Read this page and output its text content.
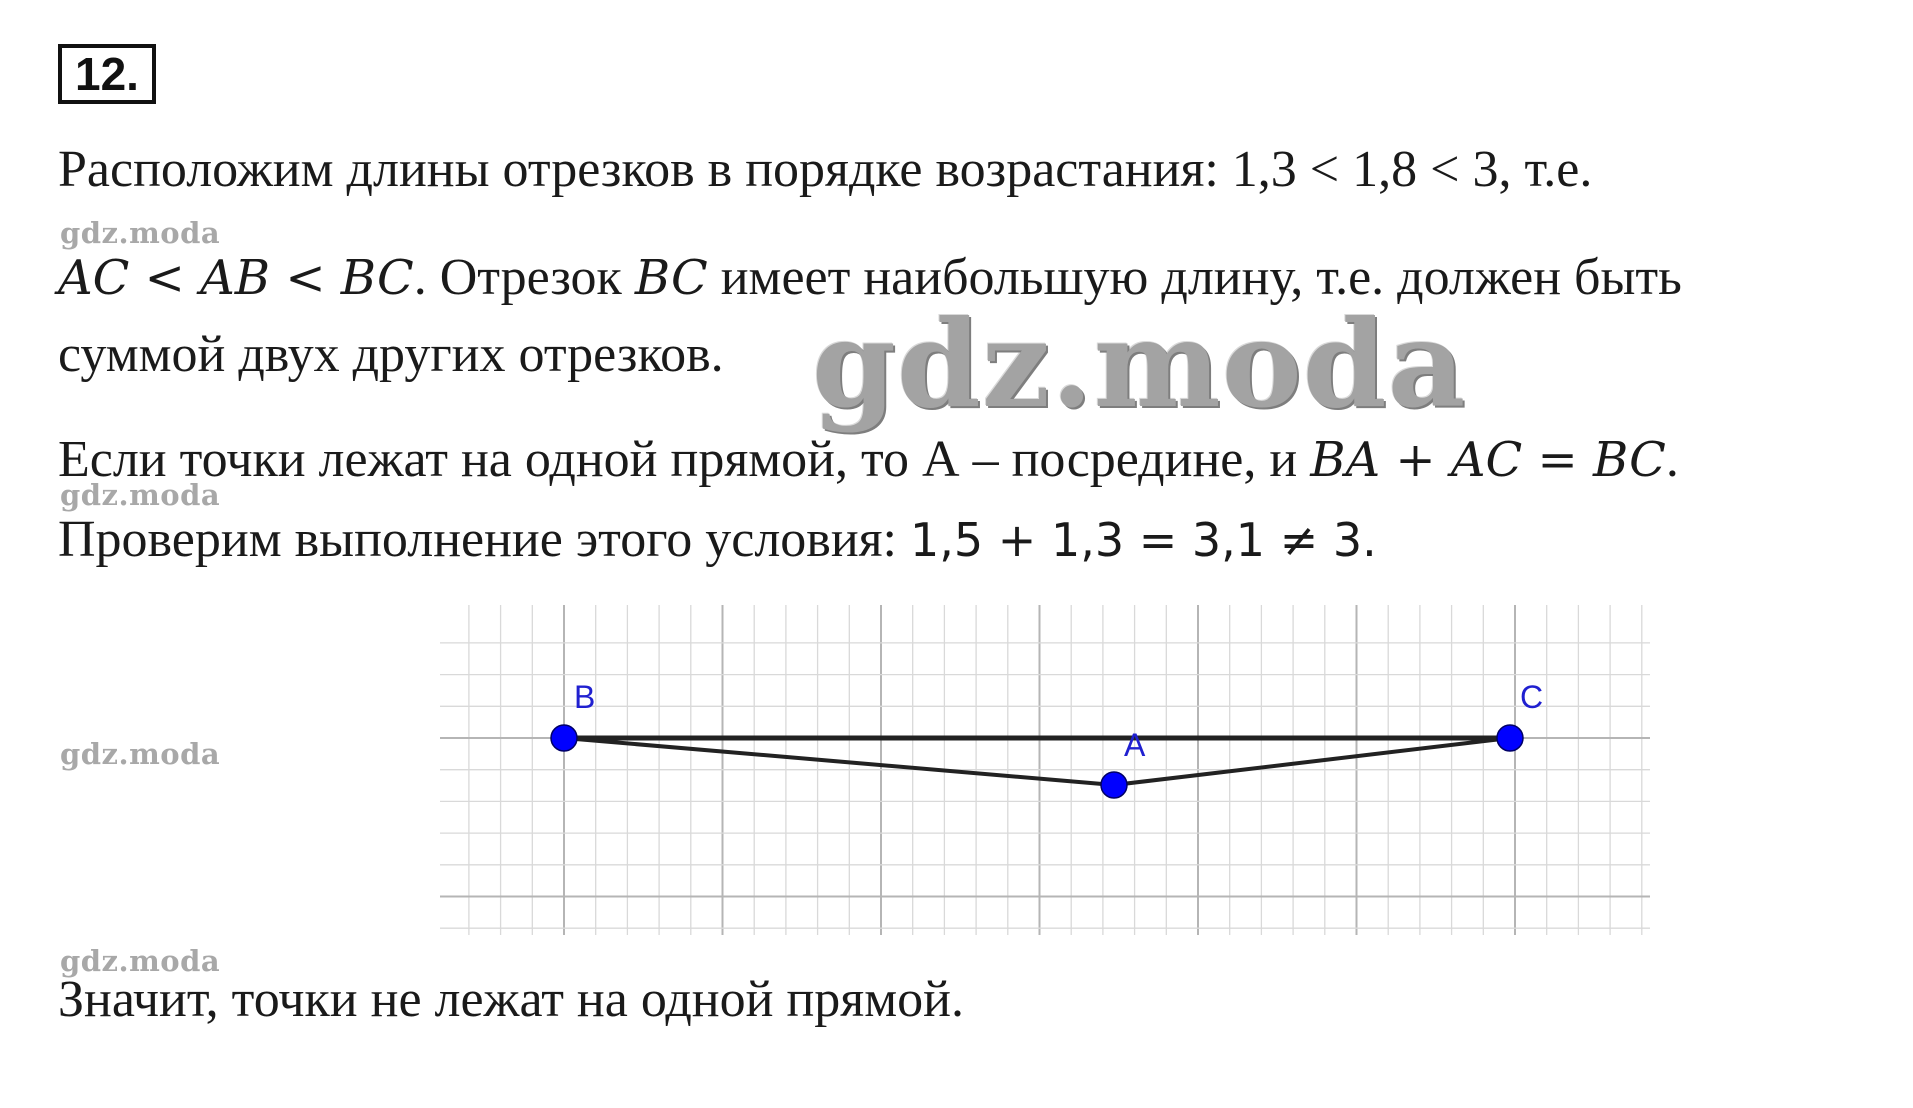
12.
Расположим длины отрезков в порядке возрастания: 1,3 < 1,8 < 3, т.е.
gdz.moda
AC < AB < BC. Отрезок BC имеет наибольшую длину, т.е. должен быть
суммой двух других отрезков. gdz.moda
Если точки лежат на одной прямой, то А – посредине, и BA + AC = BC.
gdz.moda
Проверим выполнение этого условия: 1,5 + 1,3 = 3,1 ≠ 3.
B
A
C
gdz.moda
gdz.moda
Значит, точки не лежат на одной прямой.
